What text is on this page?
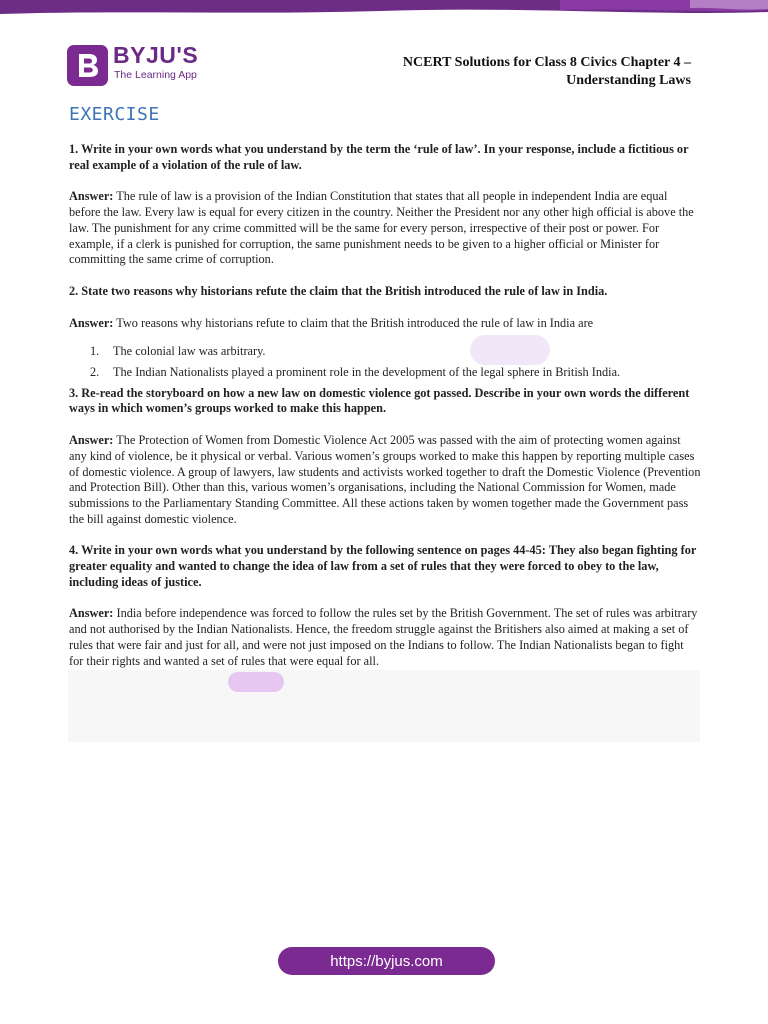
BYJU'S
The Learning App
NCERT Solutions for Class 8 Civics Chapter 4 –
Understanding Laws
EXERCISE

1. Write in your own words what you understand by the term the ‘rule of law’. In your response, include a fictitious or real example of a violation of the rule of law.

Answer: The rule of law is a provision of the Indian Constitution that states that all people in independent India are equal before the law. Every law is equal for every citizen in the country. Neither the President nor any other high official is above the law. The punishment for any crime committed will be the same for every person, irrespective of their post or power. For example, if a clerk is punished for corruption, the same punishment needs to be given to a higher official or Minister for committing the same crime of corruption.

2. State two reasons why historians refute the claim that the British introduced the rule of law in India.

Answer: Two reasons why historians refute to claim that the British introduced the rule of law in India are

1. The colonial law was arbitrary.
2. The Indian Nationalists played a prominent role in the development of the legal sphere in British India.

3. Re-read the storyboard on how a new law on domestic violence got passed. Describe in your own words the different ways in which women’s groups worked to make this happen.

Answer: The Protection of Women from Domestic Violence Act 2005 was passed with the aim of protecting women against any kind of violence, be it physical or verbal. Various women’s groups worked to make this happen by reporting multiple cases of domestic violence. A group of lawyers, law students and activists worked together to draft the Domestic Violence (Prevention and Protection Bill). Other than this, various women’s organisations, including the National Commission for Women, made submissions to the Parliamentary Standing Committee. All these actions taken by women together made the Government pass the bill against domestic violence.

4. Write in your own words what you understand by the following sentence on pages 44-45: They also began fighting for greater equality and wanted to change the idea of law from a set of rules that they were forced to obey to the law, including ideas of justice.

Answer: India before independence was forced to follow the rules set by the British Government. The set of rules was arbitrary and not authorised by the Indian Nationalists. Hence, the freedom struggle against the Britishers also aimed at making a set of rules that were fair and just for all, and were not just imposed on the Indians to follow. The Indian Nationalists began to fight for their rights and wanted a set of rules that were equal for all.

https://byjus.com
